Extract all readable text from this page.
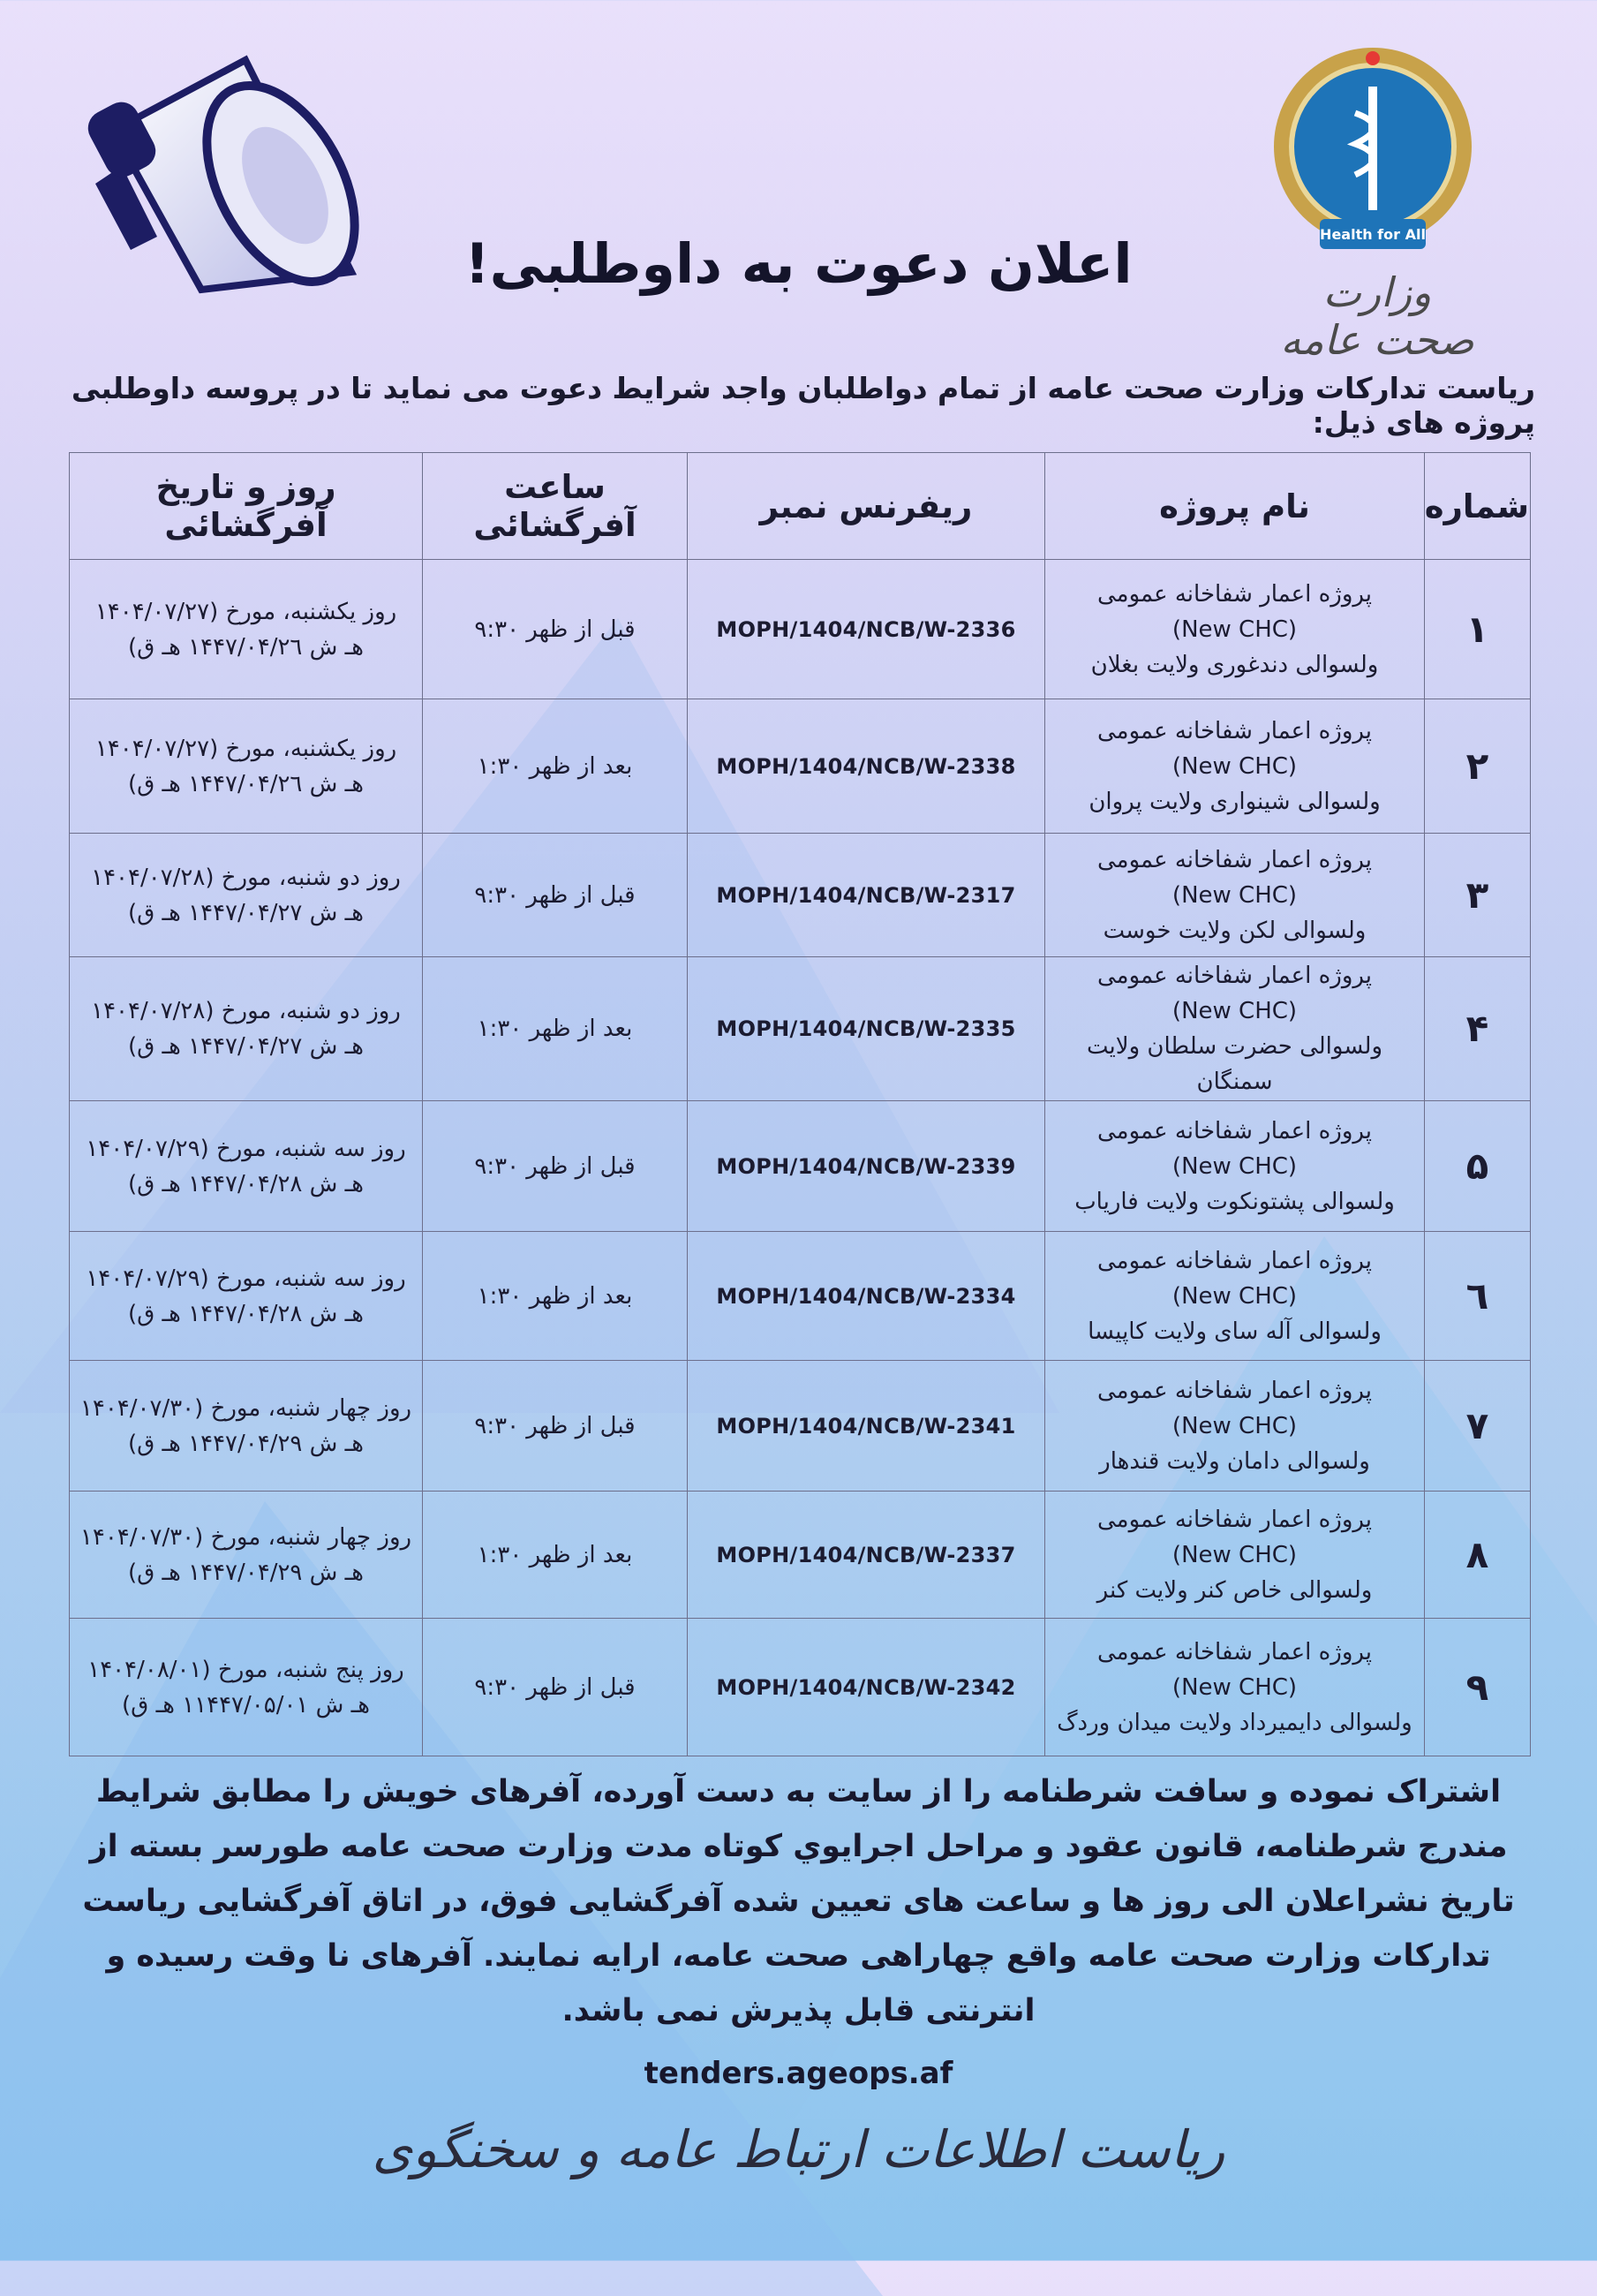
Health for All
وزارت صحت عامه
اعلان دعوت به داوطلبی!
ریاست تدارکات وزارت صحت عامه از تمام دواطلبان واجد شرایط دعوت می نماید تا در پروسه داوطلبی پروژه های ذیل:
شماره	نام پروژه	ریفرنس نمبر	ساعت آفرگشائی	روز و تاریخ آفرگشائی
۱	پروژه اعمار شفاخانه عمومی
(New CHC)
ولسوالی دندغوری ولایت بغلان	MOPH/1404/NCB/W-2336	قبل از ظهر ۹:۳۰	روز یکشنبه، مورخ (۱۴۰۴/۰۷/۲۷
هـ ش ۱۴۴۷/۰۴/۲٦ هـ ق)

۲	پروژه اعمار شفاخانه عمومی
(New CHC)
ولسوالی شینواری ولایت پروان	MOPH/1404/NCB/W-2338	بعد از ظهر ۱:۳۰	روز یکشنبه، مورخ (۱۴۰۴/۰۷/۲۷
هـ ش ۱۴۴۷/۰۴/۲٦ هـ ق)

۳	پروژه اعمار شفاخانه عمومی
(New CHC)
ولسوالی لکن ولایت خوست	MOPH/1404/NCB/W-2317	قبل از ظهر ۹:۳۰	روز دو شنبه، مورخ (۱۴۰۴/۰۷/۲۸
هـ ش ۱۴۴۷/۰۴/۲۷ هـ ق)

۴	پروژه اعمار شفاخانه عمومی
(New CHC)
ولسوالی حضرت سلطان ولایت سمنگان	MOPH/1404/NCB/W-2335	بعد از ظهر ۱:۳۰	روز دو شنبه، مورخ (۱۴۰۴/۰۷/۲۸
هـ ش ۱۴۴۷/۰۴/۲۷ هـ ق)

۵	پروژه اعمار شفاخانه عمومی
(New CHC)
ولسوالی پشتونکوت ولایت فاریاب	MOPH/1404/NCB/W-2339	قبل از ظهر ۹:۳۰	روز سه شنبه، مورخ (۱۴۰۴/۰۷/۲۹
هـ ش ۱۴۴۷/۰۴/۲۸ هـ ق)

٦	پروژه اعمار شفاخانه عمومی
(New CHC)
ولسوالی آله سای ولایت کاپیسا	MOPH/1404/NCB/W-2334	بعد از ظهر ۱:۳۰	روز سه شنبه، مورخ (۱۴۰۴/۰۷/۲۹
هـ ش ۱۴۴۷/۰۴/۲۸ هـ ق)

۷	پروژه اعمار شفاخانه عمومی
(New CHC)
ولسوالی دامان ولایت قندهار	MOPH/1404/NCB/W-2341	قبل از ظهر ۹:۳۰	روز چهار شنبه، مورخ (۱۴۰۴/۰۷/۳۰
هـ ش ۱۴۴۷/۰۴/۲۹ هـ ق)

۸	پروژه اعمار شفاخانه عمومی
(New CHC)
ولسوالی خاص کنر ولایت کنر	MOPH/1404/NCB/W-2337	بعد از ظهر ۱:۳۰	روز چهار شنبه، مورخ (۱۴۰۴/۰۷/۳۰
هـ ش ۱۴۴۷/۰۴/۲۹ هـ ق)

۹	پروژه اعمار شفاخانه عمومی
(New CHC)
ولسوالی دایمیرداد ولایت میدان وردگ	MOPH/1404/NCB/W-2342	قبل از ظهر ۹:۳۰	روز پنج شنبه، مورخ (۱۴۰۴/۰۸/۰۱
هـ ش ۱۱۴۴۷/۰۵/۰۱ هـ ق)
اشتراک نموده و سافت شرطنامه را از سایت به دست آورده، آفرهای خویش را مطابق شرایط مندرج شرطنامه، قانون عقود و مراحل اجرایوي کوتاه مدت وزارت صحت عامه طورسر بسته از تاریخ نشراعلان الی روز ها و ساعت های تعیین شده آفرگشایی فوق، در اتاق آفرگشایی ریاست تدارکات وزارت صحت عامه واقع چهاراهی صحت عامه، ارایه نمایند. آفرهای نا وقت رسیده و انترنتی قابل پذیرش نمی باشد.
tenders.ageops.af
ریاست اطلاعات ارتباط عامه و سخنگوی
